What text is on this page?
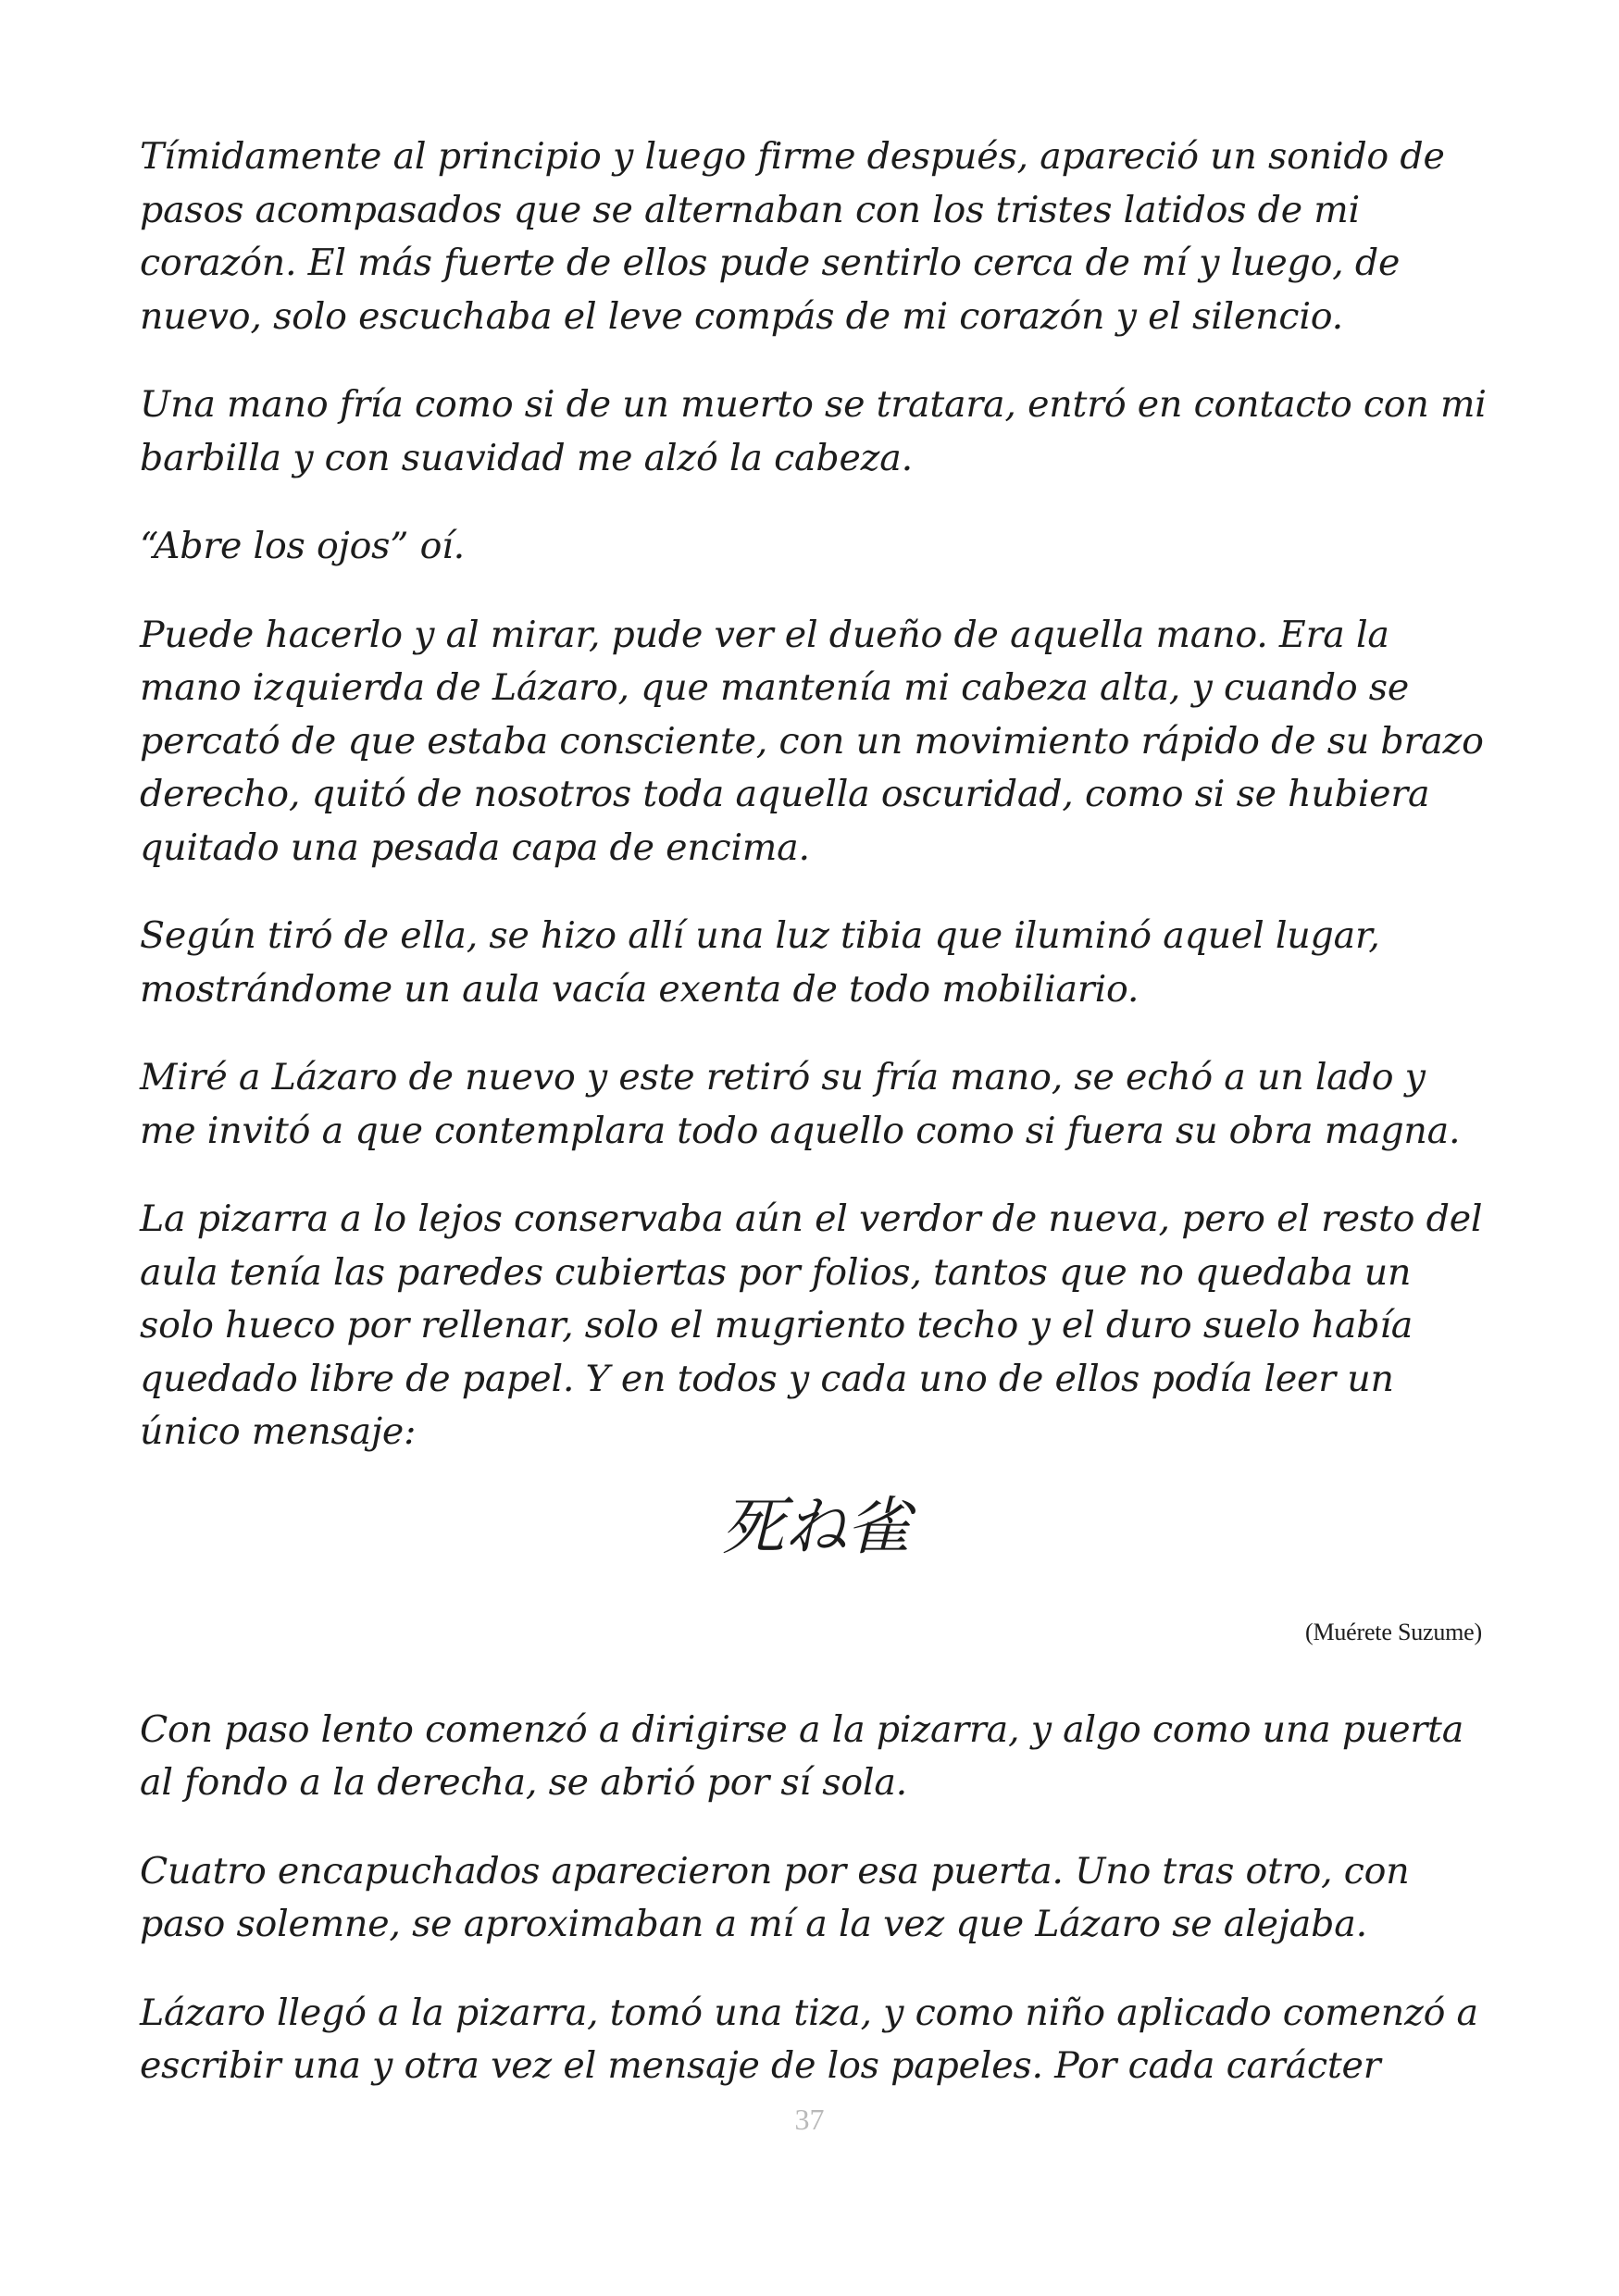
Tímidamente al principio y luego firme después, apareció un sonido de pasos acompasados que se alternaban con los tristes latidos de mi corazón. El más fuerte de ellos pude sentirlo cerca de mí y luego, de nuevo, solo escuchaba el leve compás de mi corazón y el silencio.

Una mano fría como si de un muerto se tratara, entró en contacto con mi barbilla y con suavidad me alzó la cabeza.

“Abre los ojos” oí.

Puede hacerlo y al mirar, pude ver el dueño de aquella mano. Era la mano izquierda de Lázaro, que mantenía mi cabeza alta, y cuando se percató de que estaba consciente, con un movimiento rápido de su brazo derecho, quitó de nosotros toda aquella oscuridad, como si se hubiera quitado una pesada capa de encima.

Según tiró de ella, se hizo allí una luz tibia que iluminó aquel lugar, mostrándome un aula vacía exenta de todo mobiliario.

Miré a Lázaro de nuevo y este retiró su fría mano, se echó a un lado y me invitó a que contemplara todo aquello como si fuera su obra magna.

La pizarra a lo lejos conservaba aún el verdor de nueva, pero el resto del aula tenía las paredes cubiertas por folios, tantos que no quedaba un solo hueco por rellenar, solo el mugriento techo y el duro suelo había quedado libre de papel. Y en todos y cada uno de ellos podía leer un único mensaje:

死ね雀
(Muérete Suzume)

Con paso lento comenzó a dirigirse a la pizarra, y algo como una puerta al fondo a la derecha, se abrió por sí sola.

Cuatro encapuchados aparecieron por esa puerta. Uno tras otro, con paso solemne, se aproximaban a mí a la vez que Lázaro se alejaba.

Lázaro llegó a la pizarra, tomó una tiza, y como niño aplicado comenzó a escribir una y otra vez el mensaje de los papeles. Por cada carácter

37
